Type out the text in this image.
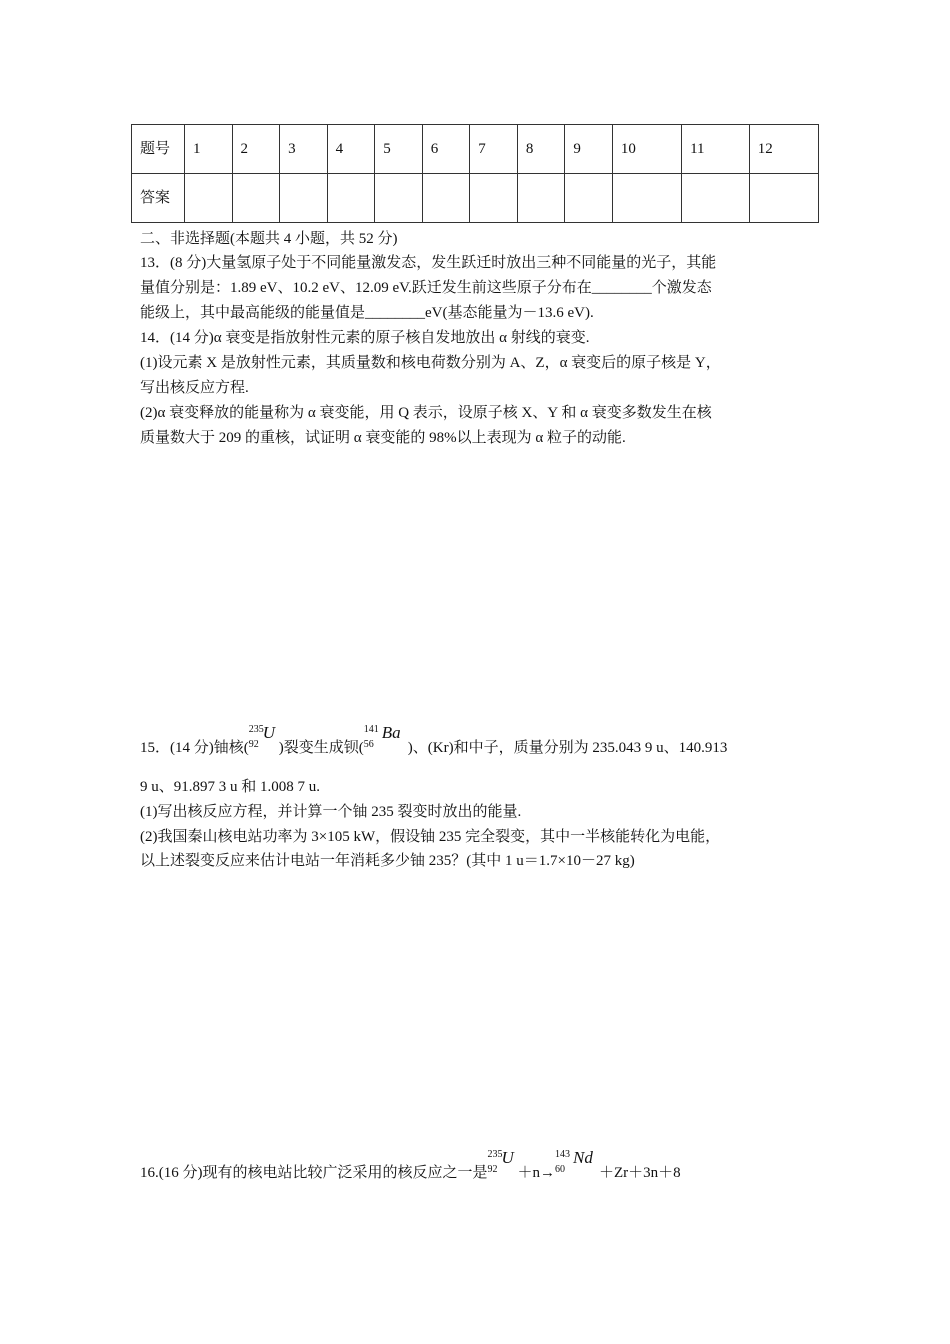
题号	1	2	3	4	5	6	7	8	9	10	11	12
答案												
二、非选择题(本题共 4 小题，共 52 分)
13．(8 分)大量氢原子处于不同能量激发态，发生跃迁时放出三种不同能量的光子，其能
量值分别是：1.89 eV、10.2 eV、12.09 eV.跃迁发生前这些原子分布在________个激发态
能级上，其中最高能级的能量值是________eV(基态能量为－13.6 eV).
14．(14 分)α 衰变是指放射性元素的原子核自发地放出 α 射线的衰变.
(1)设元素 X 是放射性元素，其质量数和核电荷数分别为 A、Z，α 衰变后的原子核是 Y，
写出核反应方程.
(2)α 衰变释放的能量称为 α 衰变能，用 Q 表示，设原子核 X、Y 和 α 衰变多数发生在核
质量数大于 209 的重核，试证明 α 衰变能的 98%以上表现为 α 粒子的动能.
15．(14 分)铀核(
235
92
U
)裂变生成钡(
141
56
Ba
)、(Kr)和中子，质量分别为 235.043 9 u、140.913
9 u、91.897 3 u 和 1.008 7 u.
(1)写出核反应方程，并计算一个铀 235 裂变时放出的能量.
(2)我国秦山核电站功率为 3×105 kW，假设铀 235 完全裂变，其中一半核能转化为电能，
以上述裂变反应来估计电站一年消耗多少铀 235？(其中 1 u＝1.7×10－27 kg)
16.(16 分)现有的核电站比较广泛采用的核反应之一是
235
92
U
＋n→
143
60
Nd
＋Zr＋3n＋8
